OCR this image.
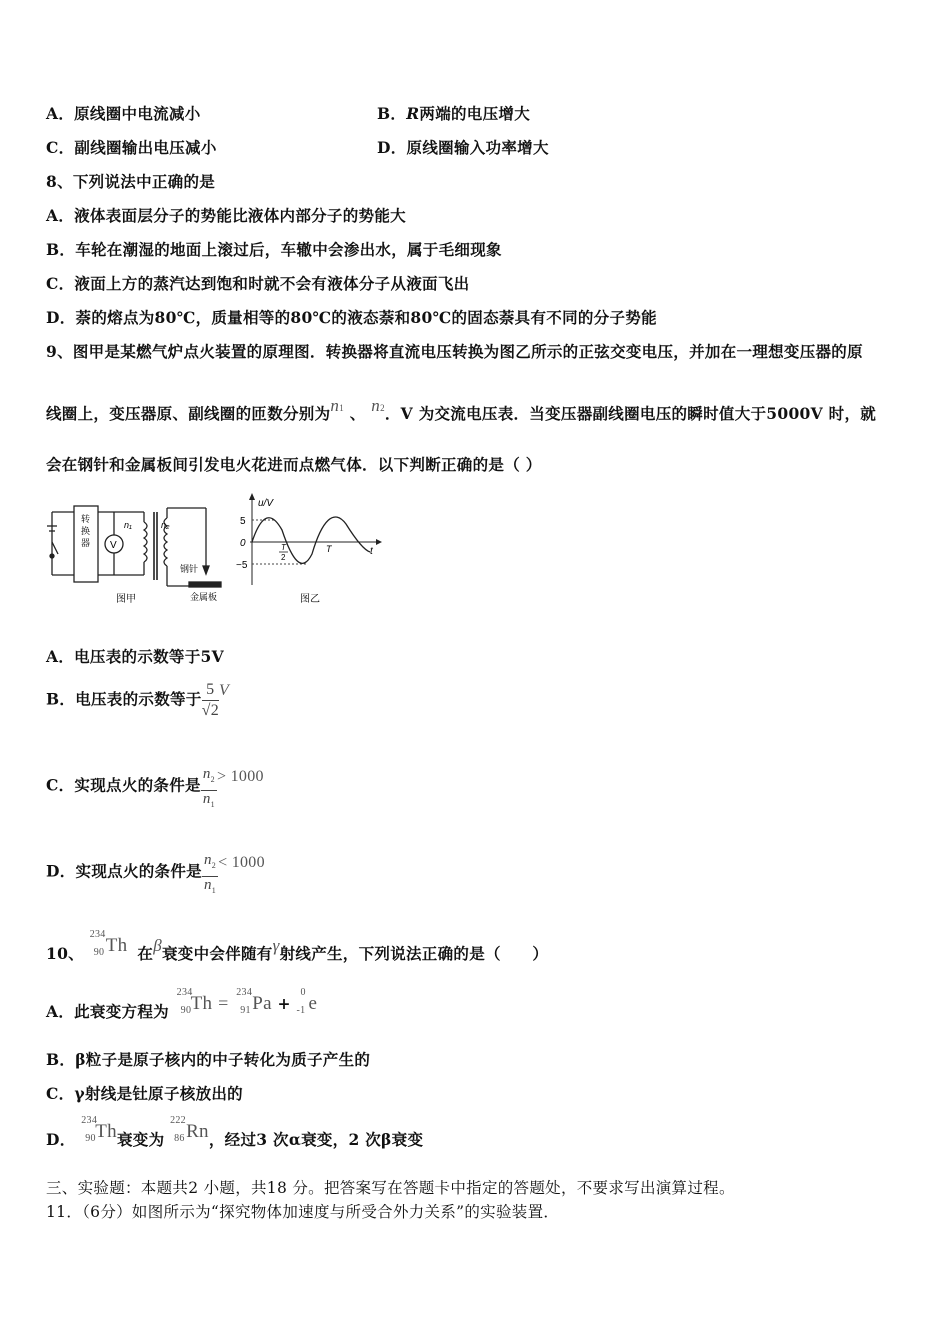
A．原线圈中电流减小	B．R两端的电压增大
C．副线圈输出电压减小	D．原线圈输入功率增大
8、下列说法中正确的是
A．液体表面层分子的势能比液体内部分子的势能大
B．车轮在潮湿的地面上滚过后，车辙中会渗出水，属于毛细现象
C．液面上方的蒸汽达到饱和时就不会有液体分子从液面飞出
D．萘的熔点为80℃，质量相等的80℃的液态萘和80℃的固态萘具有不同的分子势能
9、图甲是某燃气炉点火装置的原理图．转换器将直流电压转换为图乙所示的正弦交变电压，并加在一理想变压器的原
线圈上，变压器原、副线圈的匝数分别为n1 、 n2．V 为交流电压表．当变压器副线圈电压的瞬时值大于5000V 时，就
会在钢针和金属板间引发电火花进而点燃气体．以下判断正确的是（ ）
转
换
器 V
n₁	n₂
钢针
金属板
图甲
u/V
5
0
−5
T
2
T	t
图乙
A．电压表的示数等于5V
B．电压表的示数等于 $\frac{5}{√2}$ V
C．实现点火的条件是 $\frac{n_2}{n_1} > 1000$
D．实现点火的条件是 $\frac{n_2}{n_1} < 1000$
10、
234
90 Th 在β衰变中会伴随有γ射线产生，下列说法正确的是（　　）
A．此衰变方程为
234
90 Th =
234
91 Pa +
0
-1 e
B．β粒子是原子核内的中子转化为质子产生的
C．γ射线是钍原子核放出的
D．
234
90 Th衰变为
222
86 Rn，经过3 次α衰变，2 次β衰变
三、实验题：本题共2 小题，共18 分。把答案写在答题卡中指定的答题处，不要求写出演算过程。
11．（6分）如图所示为“探究物体加速度与所受合外力关系”的实验装置．
